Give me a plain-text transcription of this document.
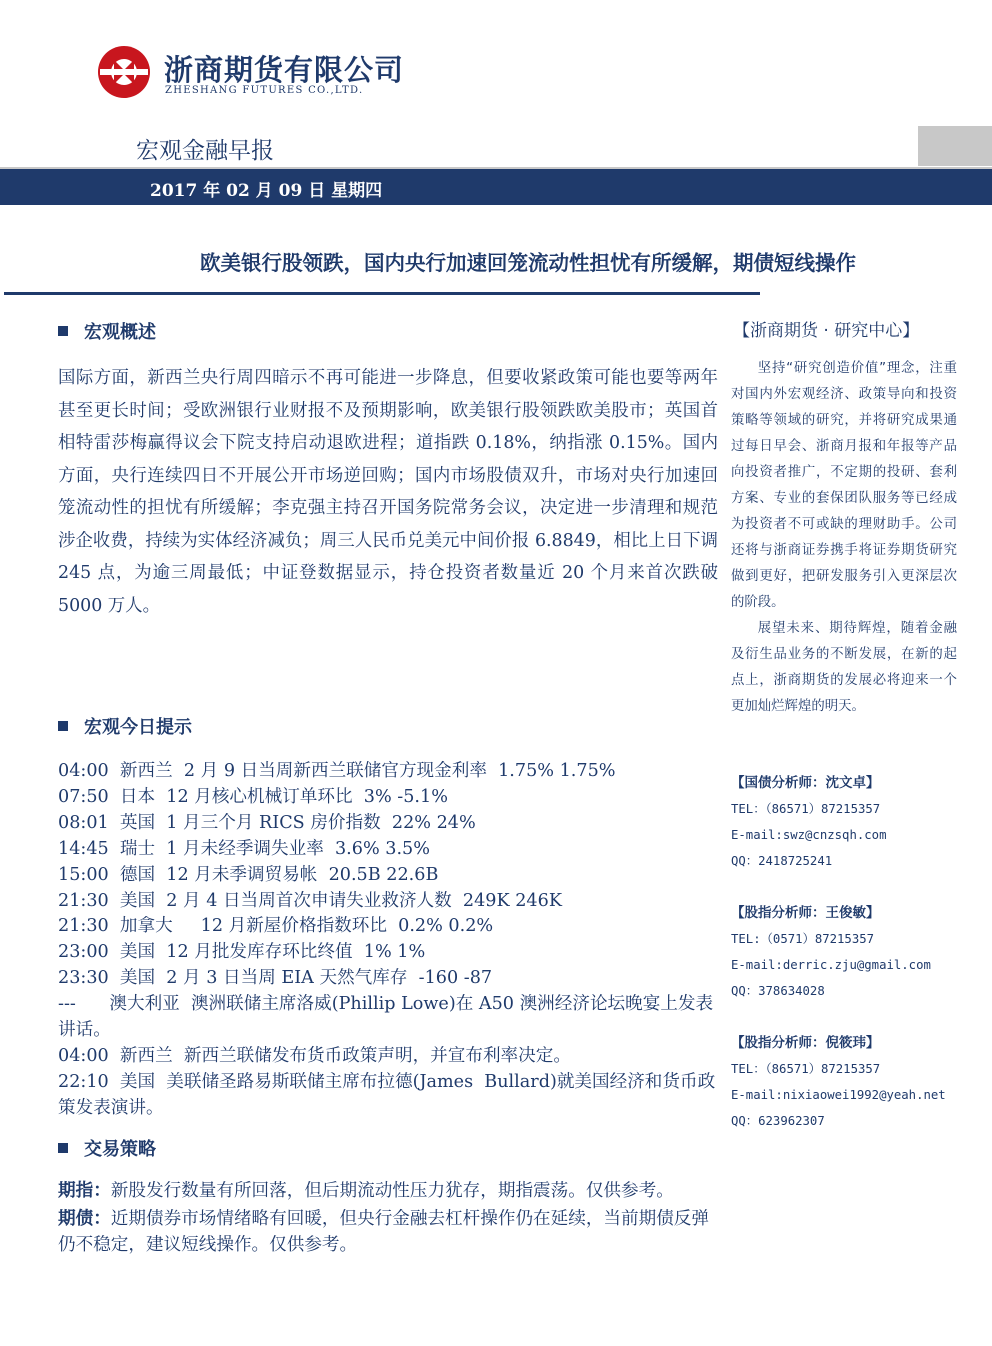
浙商期货有限公司
ZHESHANG FUTURES CO.,LTD.
宏观金融早报
2017 年 02 月 09 日 星期四
欧美银行股领跌，国内央行加速回笼流动性担忧有所缓解，期债短线操作
宏观概述
国际方面，新西兰央行周四暗示不再可能进一步降息，但要收紧政策可能也要等两年甚至更长时间；受欧洲银行业财报不及预期影响，欧美银行股领跌欧美股市；英国首相特雷莎梅赢得议会下院支持启动退欧进程；道指跌 0.18%，纳指涨 0.15%。国内方面，央行连续四日不开展公开市场逆回购；国内市场股债双升，市场对央行加速回笼流动性的担忧有所缓解；李克强主持召开国务院常务会议，决定进一步清理和规范涉企收费，持续为实体经济减负；周三人民币兑美元中间价报 6.8849，相比上日下调 245 点，为逾三周最低；中证登数据显示，持仓投资者数量近 20 个月来首次跌破 5000 万人。
宏观今日提示
04:00  新西兰  2 月 9 日当周新西兰联储官方现金利率  1.75% 1.75%
07:50  日本  12 月核心机械订单环比  3% -5.1%
08:01  英国  1 月三个月 RICS 房价指数  22% 24%
14:45  瑞士  1 月未经季调失业率  3.6% 3.5%
15:00  德国  12 月未季调贸易帐  20.5B 22.6B
21:30  美国  2 月 4 日当周首次申请失业救济人数  249K 246K
21:30  加拿大     12 月新屋价格指数环比  0.2% 0.2%
23:00  美国  12 月批发库存环比终值  1% 1%
23:30  美国  2 月 3 日当周 EIA 天然气库存  -160 -87
---      澳大利亚  澳洲联储主席洛威(Phillip Lowe)在 A50 澳洲经济论坛晚宴上发表讲话。
04:00  新西兰  新西兰联储发布货币政策声明，并宣布利率决定。
22:10  美国  美联储圣路易斯联储主席布拉德(James  Bullard)就美国经济和货币政策发表演讲。
交易策略

期指：新股发行数量有所回落，但后期流动性压力犹存，期指震荡。仅供参考。

期债：近期债券市场情绪略有回暖，但央行金融去杠杆操作仍在延续，当前期债反弹仍不稳定，建议短线操作。仅供参考。

【浙商期货 · 研究中心】

坚持“研究创造价值”理念，注重对国内外宏观经济、政策导向和投资策略等领域的研究，并将研究成果通过每日早会、浙商月报和年报等产品向投资者推广，不定期的投研、套利方案、专业的套保团队服务等已经成为投资者不可或缺的理财助手。公司还将与浙商证券携手将证券期货研究做到更好，把研发服务引入更深层次的阶段。

展望未来、期待辉煌，随着金融及衍生品业务的不断发展，在新的起点上，浙商期货的发展必将迎来一个更加灿烂辉煌的明天。

【国债分析师：沈文卓】
TEL：（86571）87215357
E-mail:swz@cnzsqh.com
QQ：2418725241
【股指分析师：王俊敏】
TEL:（0571）87215357
E-mail:derric.zju@gmail.com
QQ：378634028
【股指分析师：倪筱玮】
TEL：（86571）87215357
E-mail:nixiaowei1992@yeah.net
QQ：623962307
